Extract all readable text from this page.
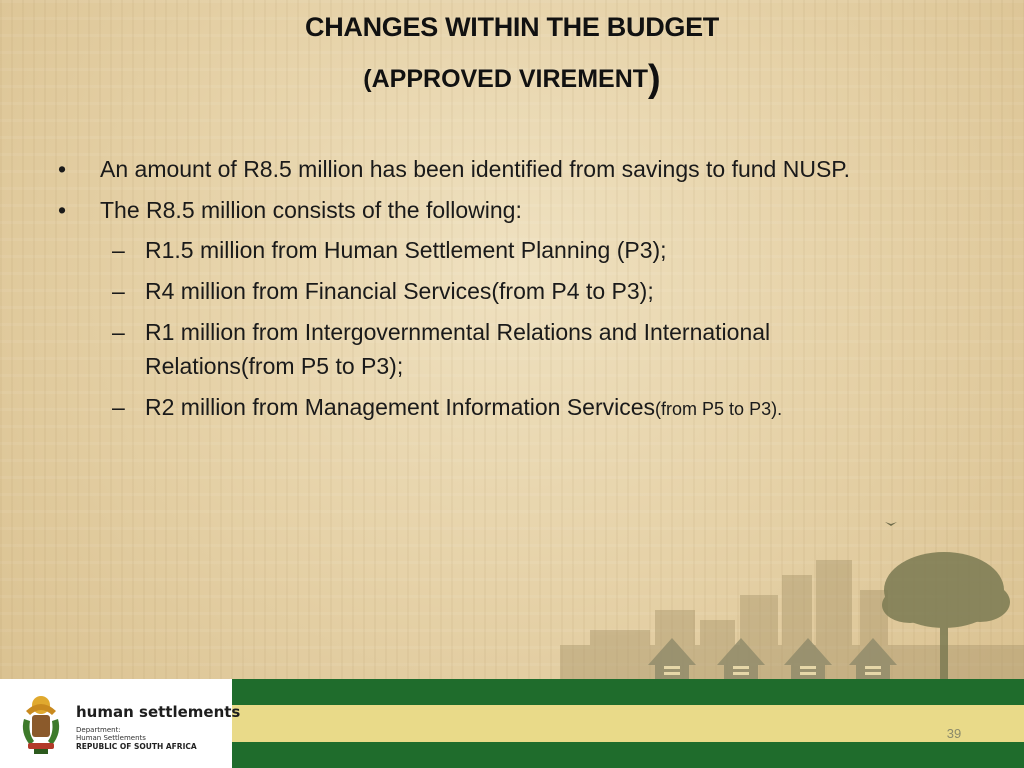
CHANGES WITHIN THE BUDGET
(APPROVED VIREMENT)
• An amount of R8.5 million has been identified from savings to fund NUSP.
• The R8.5 million consists of the following:
– R1.5 million from Human Settlement Planning (P3);
– R4 million from Financial Services(from P4 to P3);
– R1 million from Intergovernmental Relations and International
Relations(from P5 to P3);
– R2 million from Management Information Services(from P5 to P3).
human settlements
Department:
Human Settlements
REPUBLIC OF SOUTH AFRICA
39
